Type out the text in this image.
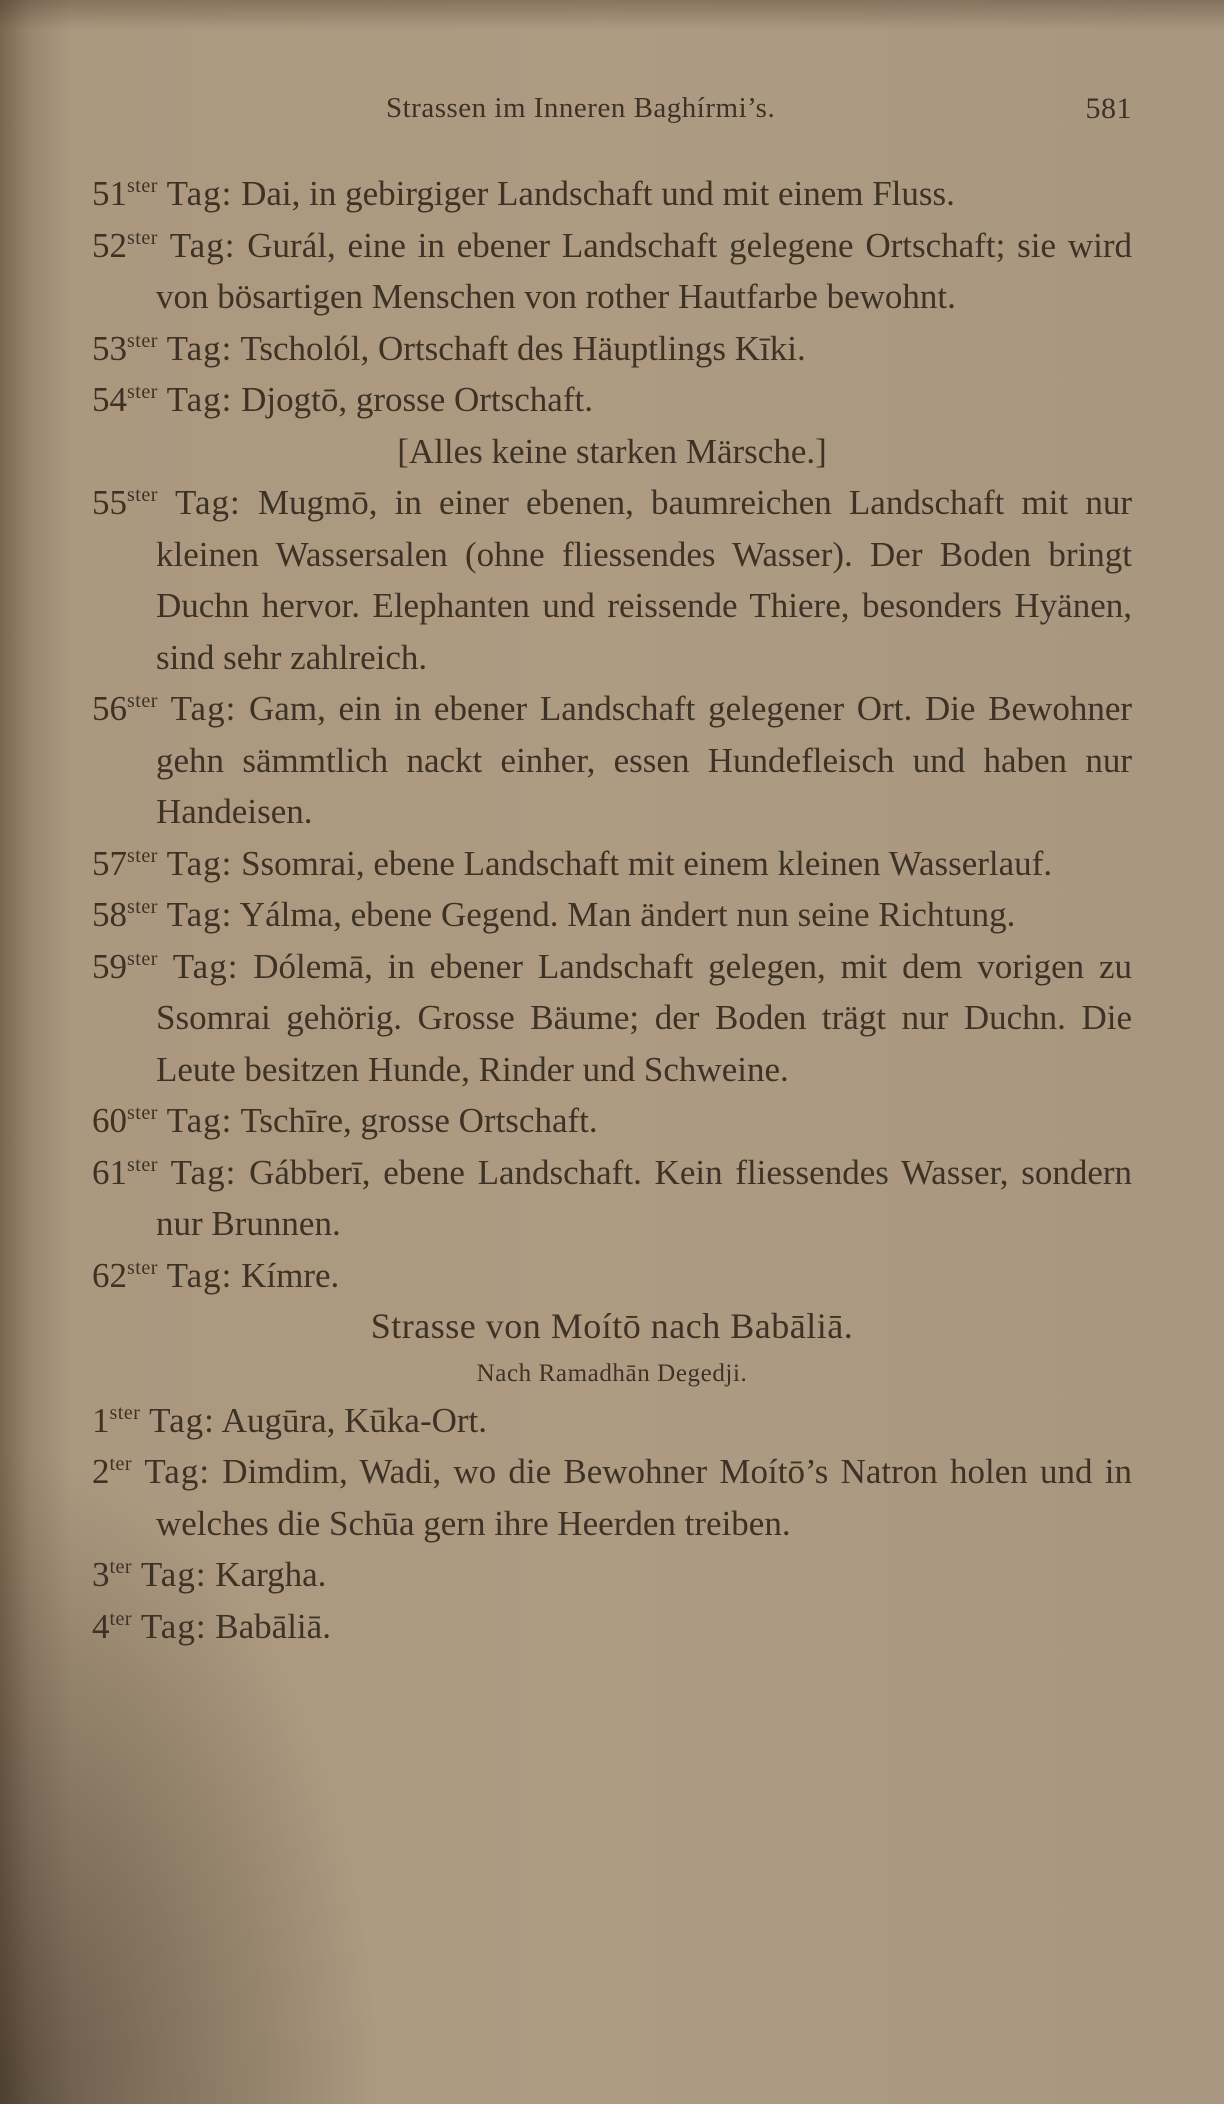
Strassen im Inneren Baghírmi’s.	581

$51^{ster}$ Tag: Dai, in gebirgiger Landschaft und mit einem Fluss.

$52^{ster}$ Tag: Gurál, eine in ebener Landschaft gelegene Ortschaft; sie wird von bösartigen Menschen von rother Hautfarbe bewohnt.

$53^{ster}$ Tag: Tscholól, Ortschaft des Häuptlings Kīki.

$54^{ster}$ Tag: Djogtō, grosse Ortschaft.

[Alles keine starken Märsche.]

$55^{ster}$ Tag: Mugmō, in einer ebenen, baumreichen Landschaft mit nur kleinen Wassersalen (ohne fliessendes Wasser). Der Boden bringt Duchn hervor. Elephanten und reissende Thiere, besonders Hyänen, sind sehr zahlreich.

$56^{ster}$ Tag: Gam, ein in ebener Landschaft gelegener Ort. Die Bewohner gehn sämmtlich nackt einher, essen Hundefleisch und haben nur Handeisen.

$57^{ster}$ Tag: Ssomrai, ebene Landschaft mit einem kleinen Wasserlauf.

$58^{ster}$ Tag: Yálma, ebene Gegend. Man ändert nun seine Richtung.

$59^{ster}$ Tag: Dólemā, in ebener Landschaft gelegen, mit dem vorigen zu Ssomrai gehörig. Grosse Bäume; der Boden trägt nur Duchn. Die Leute besitzen Hunde, Rinder und Schweine.

$60^{ster}$ Tag: Tschīre, grosse Ortschaft.

$61^{ster}$ Tag: Gábberī, ebene Landschaft. Kein fliessendes Wasser, sondern nur Brunnen.

$62^{ster}$ Tag: Kímre.

Strasse von Moítō nach Babāliā.

Nach Ramadhān Degedji.

$1^{ster}$ Tag: Augūra, Kūka-Ort.

$2^{ter}$ Tag: Dimdim, Wadi, wo die Bewohner Moítō’s Natron holen und in welches die Schūa gern ihre Heerden treiben.

$3^{ter}$ Tag: Kargha.

$4^{ter}$ Tag: Babāliā.
